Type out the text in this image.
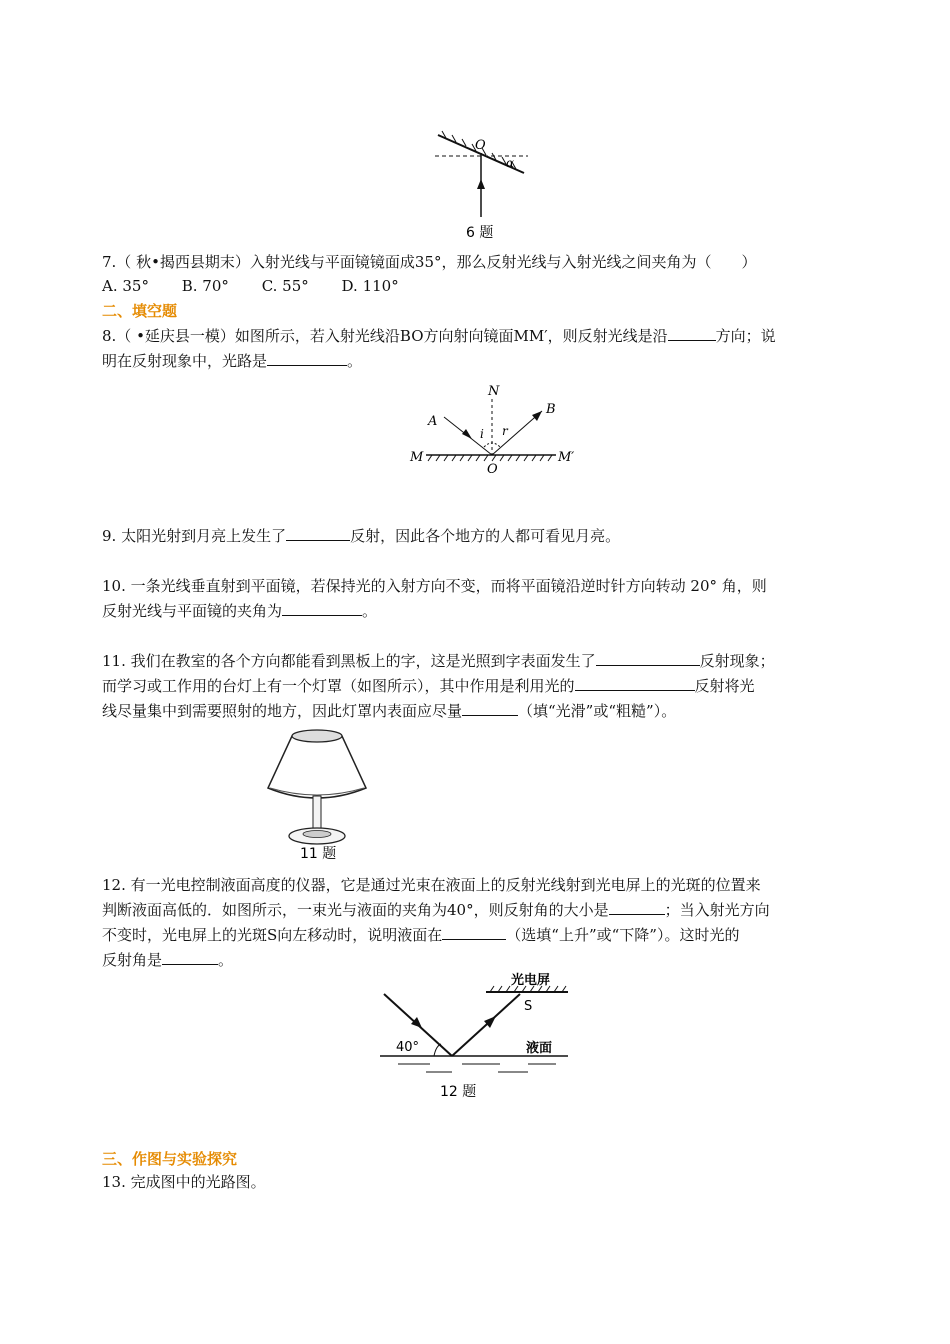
O
α
6 题
7.（ 秋•揭西县期末）入射光线与平面镜镜面成35°，那么反射光线与入射光线之间夹角为（　　）
A. 35° B. 70° C. 55° D. 110°
二、填空题
8.（ •延庆县一模）如图所示，若入射光线沿BO方向射向镜面MM′，则反射光线是沿	方向；说
明在反射现象中，光路是	。
N
A
B
i r
M	M′
O
9. 太阳光射到月亮上发生了	反射，因此各个地方的人都可看见月亮。
10. 一条光线垂直射到平面镜，若保持光的入射方向不变，而将平面镜沿逆时针方向转动 20° 角，则
反射光线与平面镜的夹角为	。
11. 我们在教室的各个方向都能看到黑板上的字，这是光照到字表面发生了	反射现象；
而学习或工作用的台灯上有一个灯罩（如图所示），其中作用是利用光的	反射将光
线尽量集中到需要照射的地方，因此灯罩内表面应尽量	（填“光滑”或“粗糙”）。
11 题
12. 有一光电控制液面高度的仪器，它是通过光束在液面上的反射光线射到光电屏上的光斑的位置来
判断液面高低的．如图所示，一束光与液面的夹角为40°，则反射角的大小是	；当入射光方向
不变时，光电屏上的光斑S向左移动时，说明液面在	（选填“上升”或“下降”）。这时光的
反射角是	。
光电屏
S
40°	液面
12 题
三、作图与实验探究
13. 完成图中的光路图。
